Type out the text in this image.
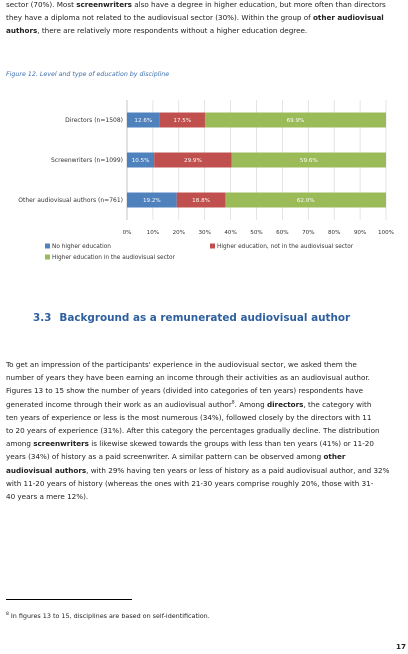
sector (70%). Most screenwriters also have a degree in higher education, but more often than directors
they have a diploma not related to the audiovisual sector (30%). Within the group of other audiovisual
authors, there are relatively more respondents without a higher education degree.

Figure 12. Level and type of education by discipline

0%	10% 20% 30% 40% 50% 60% 70% 80% 90% 100%
Directors (n=1508) 12.6%	17.5%	69.9%
Screenwriters (n=1099) 10.5%	29.9%	59.6%
Other audiovisual authors (n=761)	19.2%	18.8%	62.0%
No higher education	Higher education, not in the audiovisual sector
Higher education in the audiovisual sector
3.3 Background as a remunerated audiovisual author
To get an impression of the participants' experience in the audiovisual sector, we asked them the
number of years they have been earning an income through their activities as an audiovisual author.
Figures 13 to 15 show the number of years (divided into categories of ten years) respondents have
generated income through their work as an audiovisual author$^8$. Among directors, the category with
ten years of experience or less is the most numerous (34%), followed closely by the directors with 11
to 20 years of experience (31%). After this category the percentages gradually decline. The distribution
among screenwriters is likewise skewed towards the groups with less than ten years (41%) or 11-20
years (34%) of history as a paid screenwriter. A similar pattern can be observed among other
audiovisual authors, with 29% having ten years or less of history as a paid audiovisual author, and 32%
with 11-20 years of history (whereas the ones with 21-30 years comprise roughly 20%, those with 31-
40 years a mere 12%).

$^8$ In figures 13 to 15, disciplines are based on self-identification.

17
